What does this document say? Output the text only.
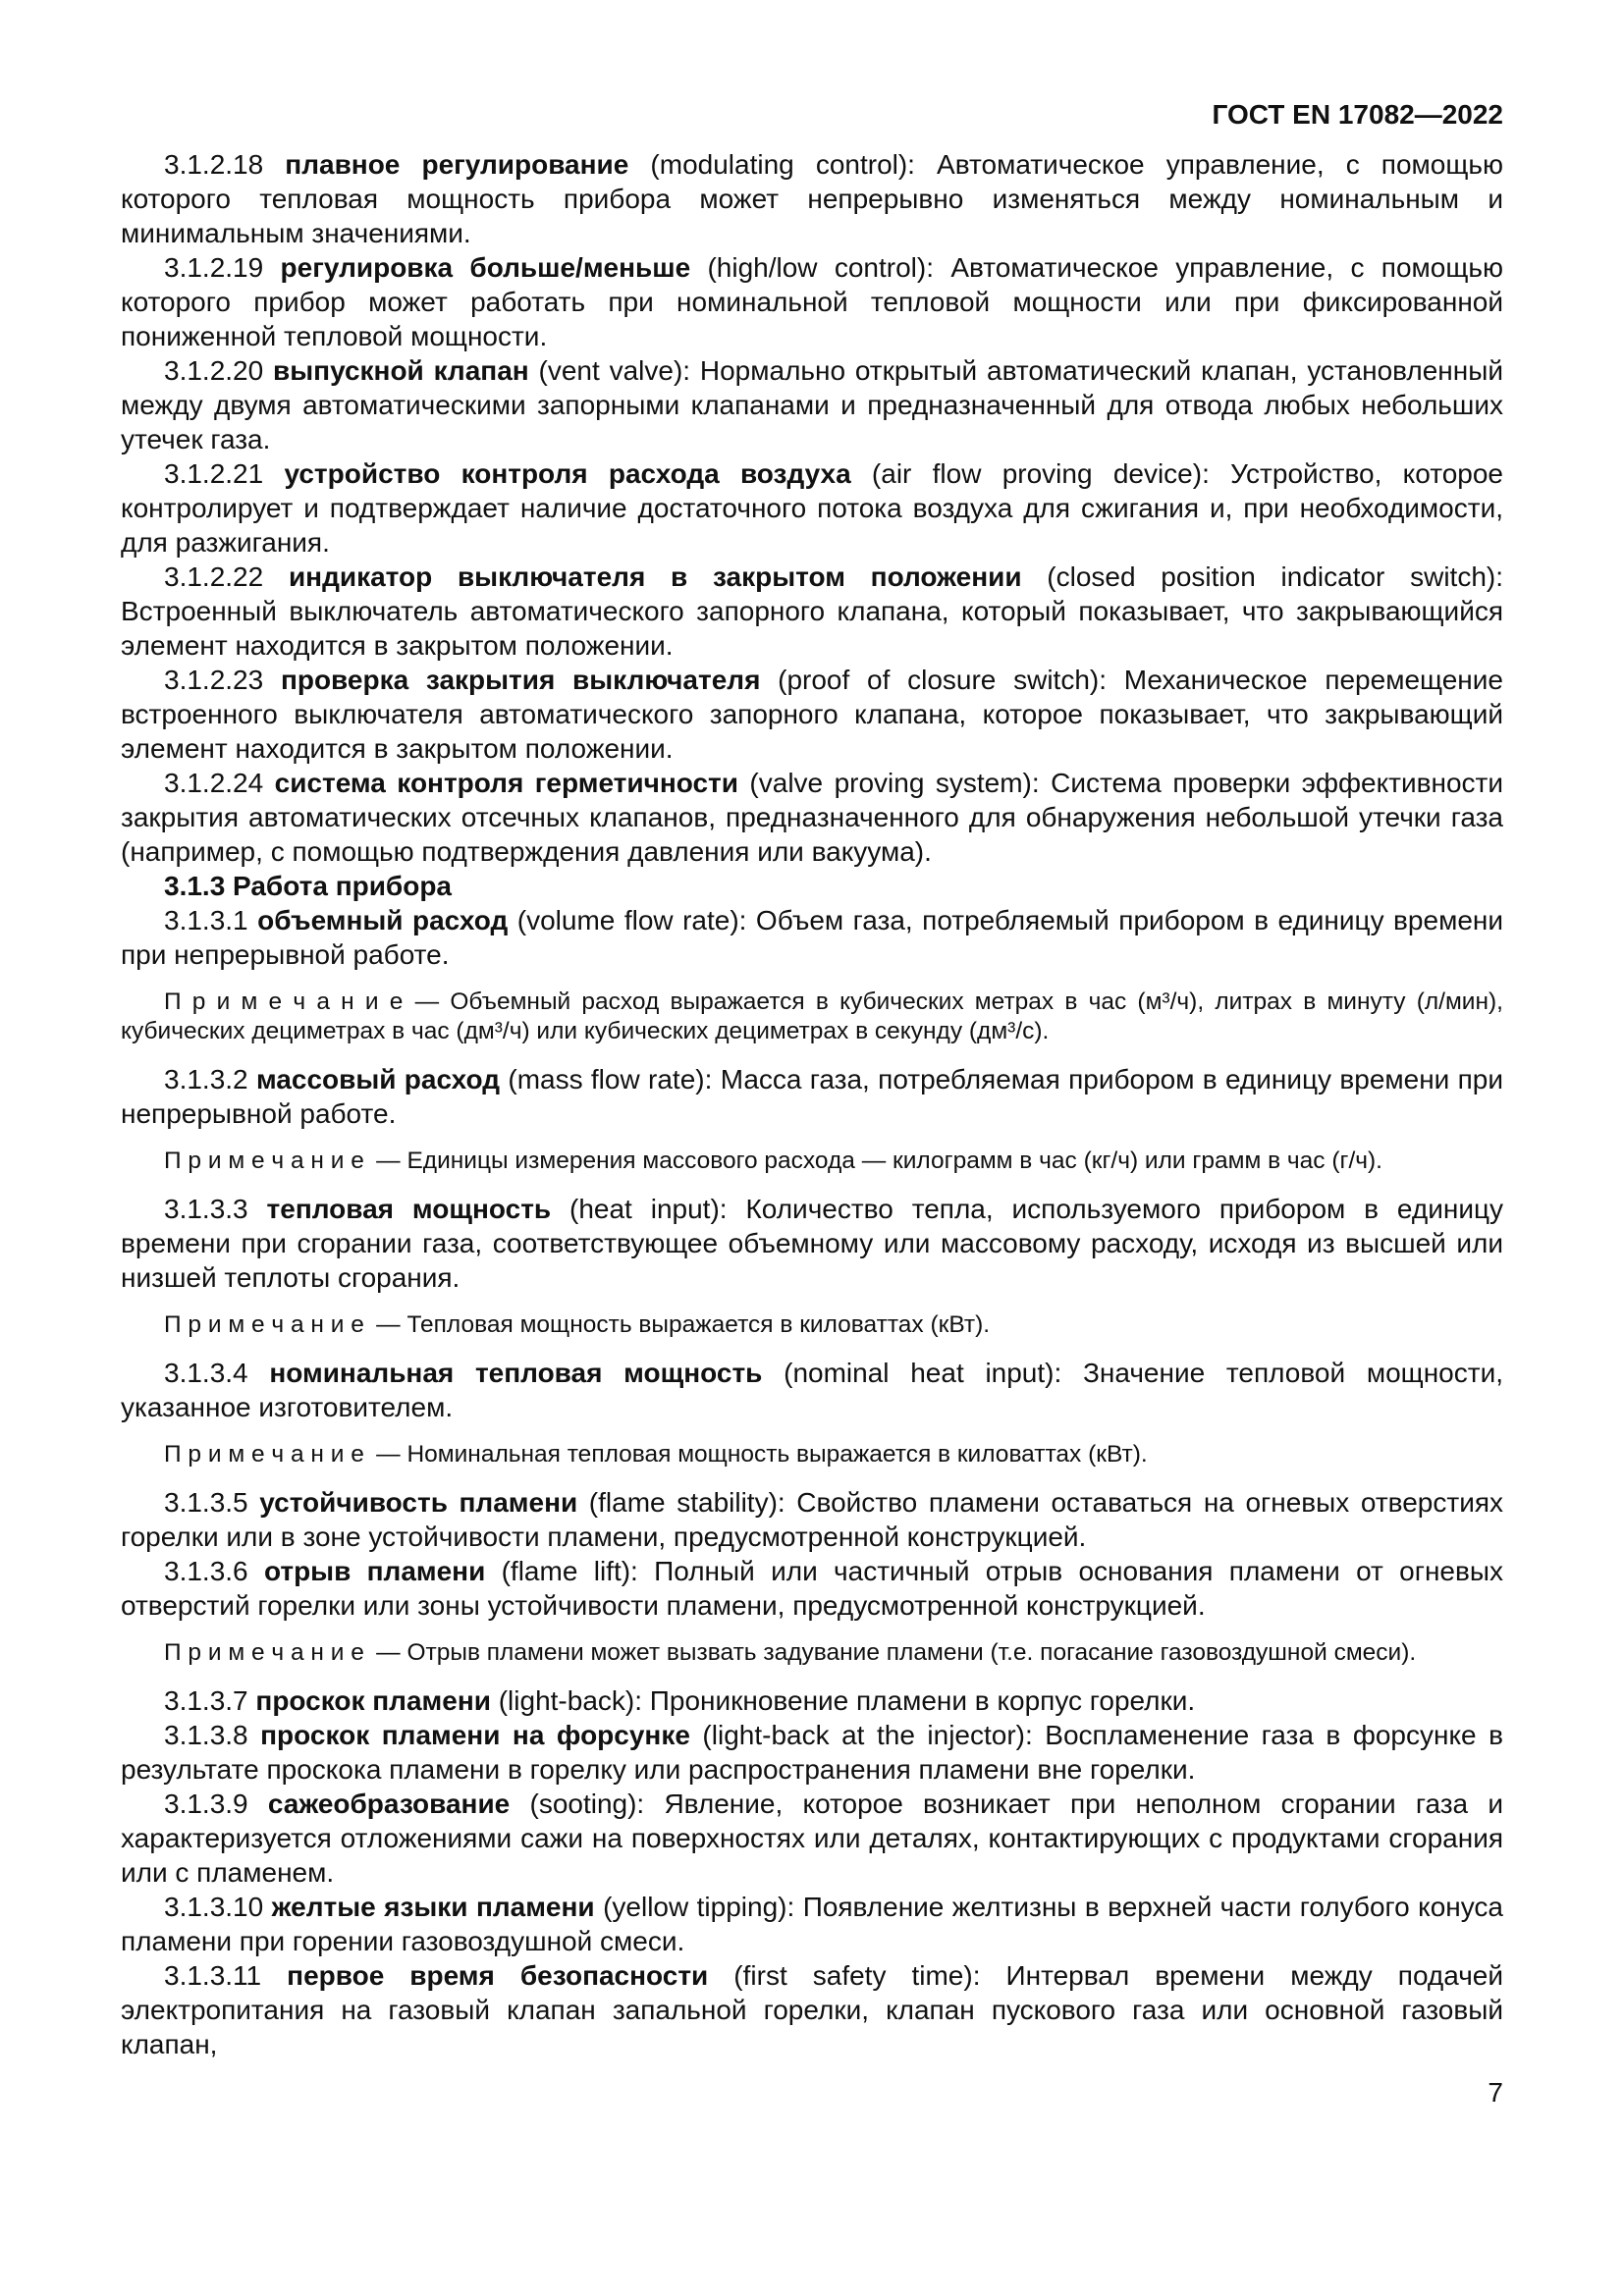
ГОСТ EN 17082—2022

3.1.2.18 плавное регулирование (modulating control): Автоматическое управление, с помощью которого тепловая мощность прибора может непрерывно изменяться между номинальным и минимальным значениями.

3.1.2.19 регулировка больше/меньше (high/low control): Автоматическое управление, с помощью которого прибор может работать при номинальной тепловой мощности или при фиксированной пониженной тепловой мощности.

3.1.2.20 выпускной клапан (vent valve): Нормально открытый автоматический клапан, установленный между двумя автоматическими запорными клапанами и предназначенный для отвода любых небольших утечек газа.

3.1.2.21 устройство контроля расхода воздуха (air flow proving device): Устройство, которое контролирует и подтверждает наличие достаточного потока воздуха для сжигания и, при необходимости, для разжигания.

3.1.2.22 индикатор выключателя в закрытом положении (closed position indicator switch): Встроенный выключатель автоматического запорного клапана, который показывает, что закрывающийся элемент находится в закрытом положении.

3.1.2.23 проверка закрытия выключателя (proof of closure switch): Механическое перемещение встроенного выключателя автоматического запорного клапана, которое показывает, что закрывающий элемент находится в закрытом положении.

3.1.2.24 система контроля герметичности (valve proving system): Система проверки эффективности закрытия автоматических отсечных клапанов, предназначенного для обнаружения небольшой утечки газа (например, с помощью подтверждения давления или вакуума).

3.1.3 Работа прибора

3.1.3.1 объемный расход (volume flow rate): Объем газа, потребляемый прибором в единицу времени при непрерывной работе.

П р и м е ч а н и е — Объемный расход выражается в кубических метрах в час (м³/ч), литрах в минуту (л/мин), кубических дециметрах в час (дм³/ч) или кубических дециметрах в секунду (дм³/с).

3.1.3.2 массовый расход (mass flow rate): Масса газа, потребляемая прибором в единицу времени при непрерывной работе.

П р и м е ч а н и е — Единицы измерения массового расхода — килограмм в час (кг/ч) или грамм в час (г/ч).

3.1.3.3 тепловая мощность (heat input): Количество тепла, используемого прибором в единицу времени при сгорании газа, соответствующее объемному или массовому расходу, исходя из высшей или низшей теплоты сгорания.

П р и м е ч а н и е — Тепловая мощность выражается в киловаттах (кВт).

3.1.3.4 номинальная тепловая мощность (nominal heat input): Значение тепловой мощности, указанное изготовителем.

П р и м е ч а н и е — Номинальная тепловая мощность выражается в киловаттах (кВт).

3.1.3.5 устойчивость пламени (flame stability): Свойство пламени оставаться на огневых отверстиях горелки или в зоне устойчивости пламени, предусмотренной конструкцией.

3.1.3.6 отрыв пламени (flame lift): Полный или частичный отрыв основания пламени от огневых отверстий горелки или зоны устойчивости пламени, предусмотренной конструкцией.

П р и м е ч а н и е — Отрыв пламени может вызвать задувание пламени (т.е. погасание газовоздушной смеси).

3.1.3.7 проскок пламени (light-back): Проникновение пламени в корпус горелки.

3.1.3.8 проскок пламени на форсунке (light-back at the injector): Воспламенение газа в форсунке в результате проскока пламени в горелку или распространения пламени вне горелки.

3.1.3.9 сажеобразование (sooting): Явление, которое возникает при неполном сгорании газа и характеризуется отложениями сажи на поверхностях или деталях, контактирующих с продуктами сгорания или с пламенем.

3.1.3.10 желтые языки пламени (yellow tipping): Появление желтизны в верхней части голубого конуса пламени при горении газовоздушной смеси.

3.1.3.11 первое время безопасности (first safety time): Интервал времени между подачей электропитания на газовый клапан запальной горелки, клапан пускового газа или основной газовый клапан,

7
